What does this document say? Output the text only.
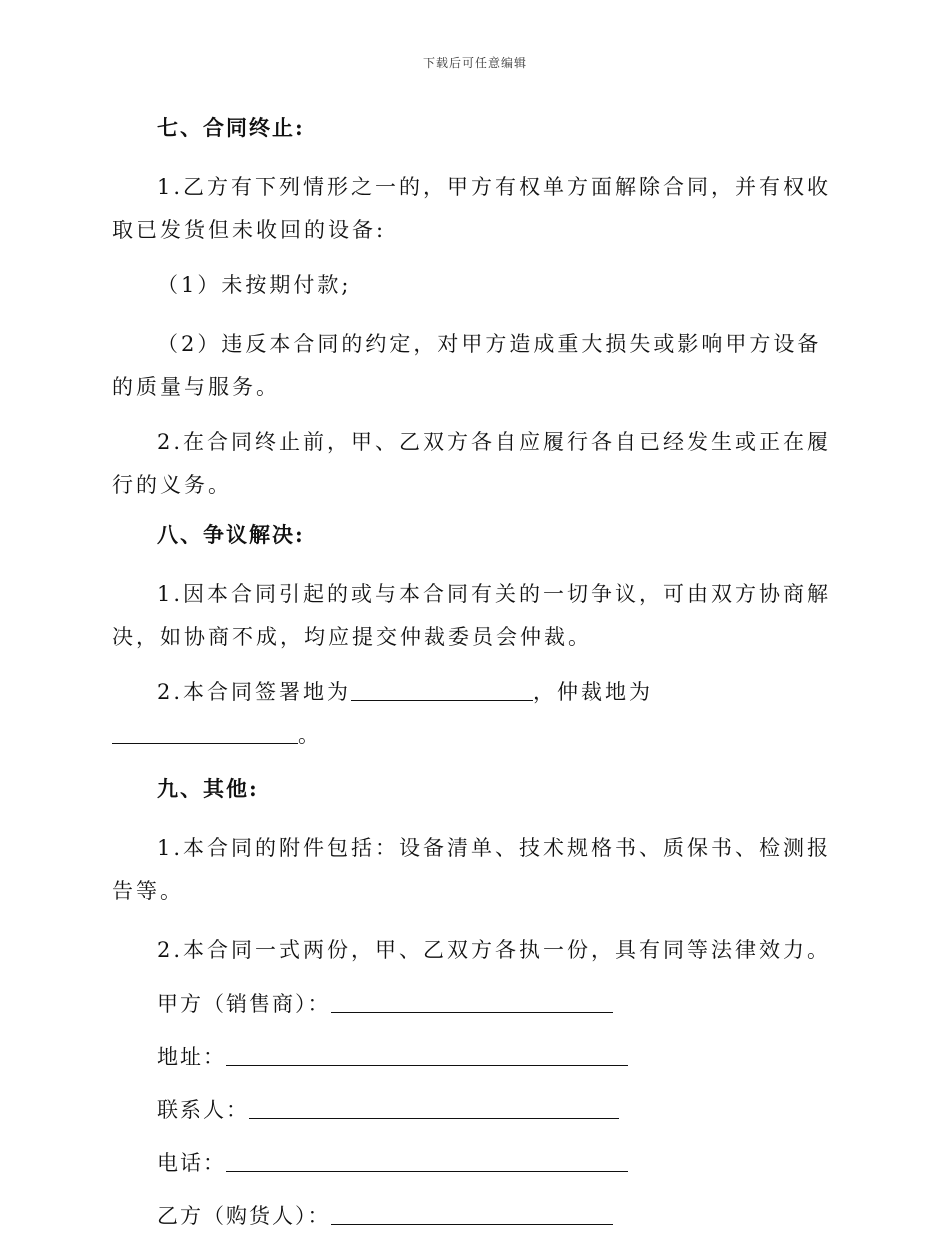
下载后可任意编辑
七、合同终止:

1.乙方有下列情形之一的，甲方有权单方面解除合同，并有权收取已发货但未收回的设备:

（1）未按期付款;

（2）违反本合同的约定，对甲方造成重大损失或影响甲方设备的质量与服务。

2.在合同终止前，甲、乙双方各自应履行各自已经发生或正在履行的义务。

八、争议解决:

1.因本合同引起的或与本合同有关的一切争议，可由双方协商解决，如协商不成，均应提交仲裁委员会仲裁。

2.本合同签署地为	，仲裁地为。

九、其他:

1.本合同的附件包括：设备清单、技术规格书、质保书、检测报告等。

2.本合同一式两份，甲、乙双方各执一份，具有同等法律效力。

甲方（销售商）：
地址：
联系人：
电话：
乙方（购货人）：
